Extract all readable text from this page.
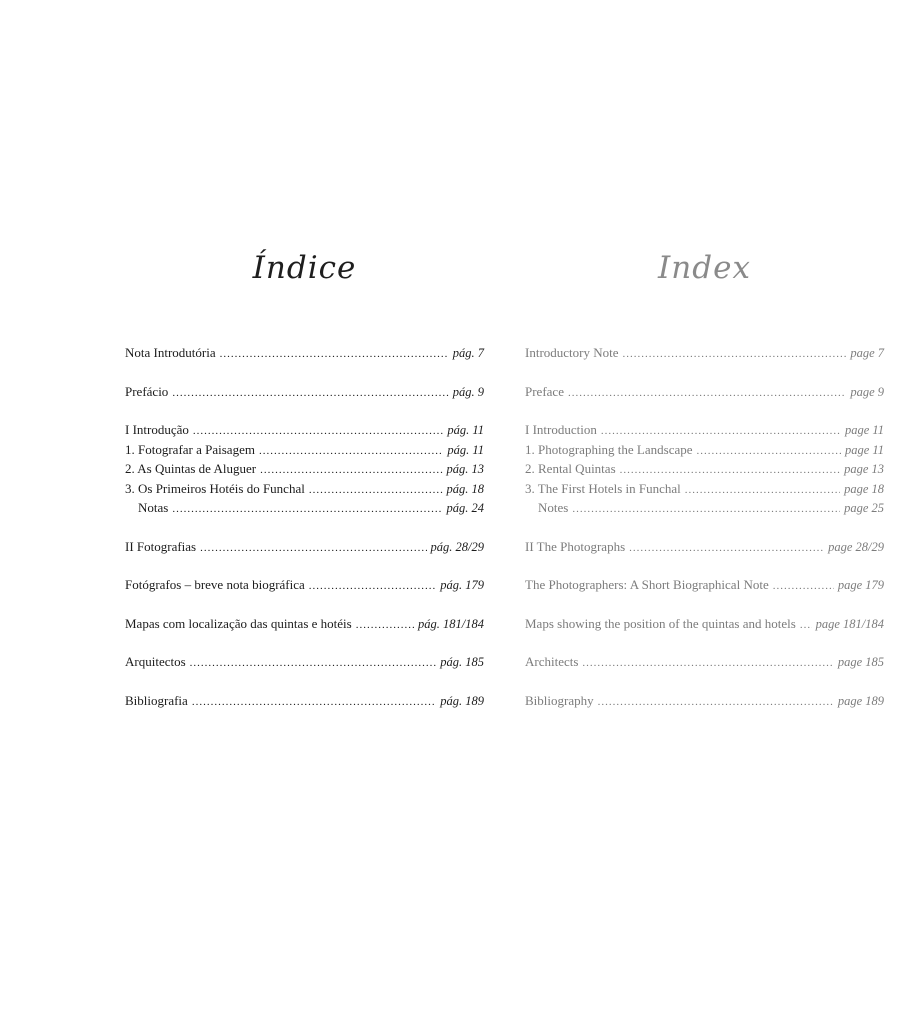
Índice
Nota Introdutória .....	pág. 7
Prefácio .....	pág. 9
I Introdução .....	pág. 11
1. Fotografar a Paisagem .....	pág. 11
2. As Quintas de Aluguer .....	pág. 13
3. Os Primeiros Hotéis do Funchal .....	pág. 18
Notas .....	pág. 24
II Fotografias .....	pág. 28/29
Fotógrafos – breve nota biográfica .....	pág. 179
Mapas com localização das quintas e hotéis .....	pág. 181/184
Arquitectos .....	pág. 185
Bibliografia .....	pág. 189
Index
Introductory Note .....	page 7
Preface .....	page 9
I Introduction .....	page 11
1. Photographing the Landscape .....	page 11
2. Rental Quintas .....	page 13
3. The First Hotels in Funchal .....	page 18
Notes .....	page 25
II The Photographs .....	page 28/29
The Photographers: A Short Biographical Note .....	page 179
Maps showing the position of the quintas and hotels ..... page 181/184
Architects .....	page 185
Bibliography .....	page 189
